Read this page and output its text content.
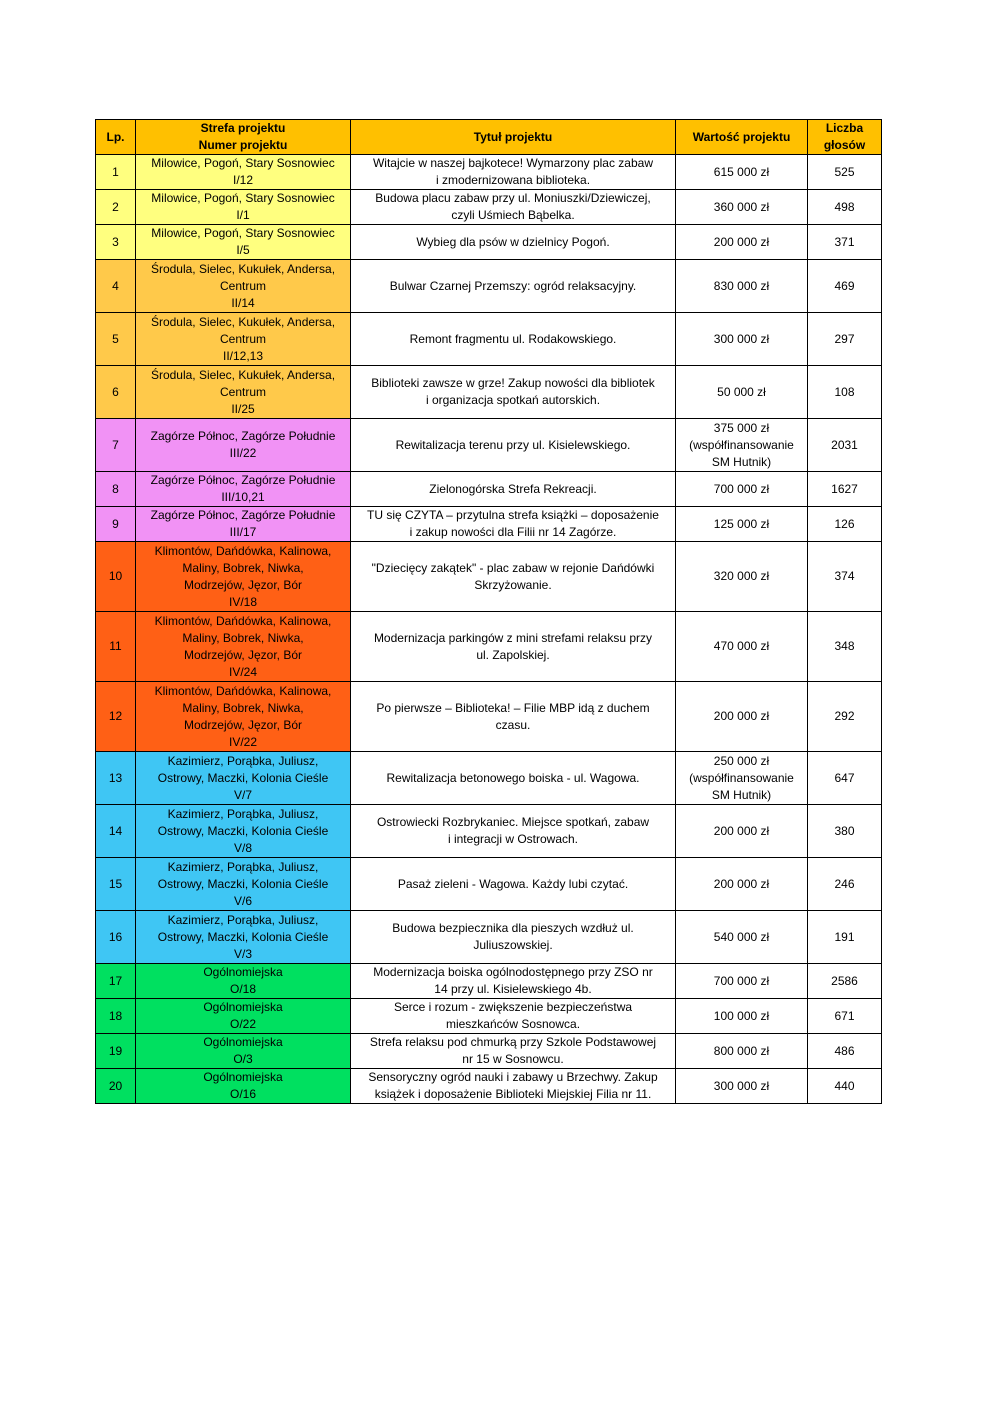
Lp.	Strefa projektu
Numer projektu	Tytuł projektu	Wartość projektu	Liczba
głosów

1	Milowice, Pogoń, Stary Sosnowiec
I/12	Witajcie w naszej bajkotece! Wymarzony plac zabaw
i zmodernizowana biblioteka.	615 000 zł	525
2	Milowice, Pogoń, Stary Sosnowiec
I/1	Budowa placu zabaw przy ul. Moniuszki/Dziewiczej,
czyli Uśmiech Bąbelka.	360 000 zł	498
3	Milowice, Pogoń, Stary Sosnowiec
I/5	Wybieg dla psów w dzielnicy Pogoń.	200 000 zł	371
4	Środula, Sielec, Kukułek, Andersa,
Centrum
II/14	Bulwar Czarnej Przemszy: ogród relaksacyjny.	830 000 zł	469
5	Środula, Sielec, Kukułek, Andersa,
Centrum
II/12,13	Remont fragmentu ul. Rodakowskiego.	300 000 zł	297
6	Środula, Sielec, Kukułek, Andersa,
Centrum
II/25	Biblioteki zawsze w grze! Zakup nowości dla bibliotek
i organizacja spotkań autorskich.	50 000 zł	108
7	Zagórze Północ, Zagórze Południe
III/22	Rewitalizacja terenu przy ul. Kisielewskiego.	375 000 zł
(współfinansowanie
SM Hutnik)	2031
8	Zagórze Północ, Zagórze Południe
III/10,21	Zielonogórska Strefa Rekreacji.	700 000 zł	1627
9	Zagórze Północ, Zagórze Południe
III/17	TU się CZYTA – przytulna strefa książki – doposażenie
i zakup nowości dla Filii nr 14 Zagórze.	125 000 zł	126
10	Klimontów, Dańdówka, Kalinowa,
Maliny, Bobrek, Niwka,
Modrzejów, Jęzor, Bór
IV/18	"Dziecięcy zakątek" - plac zabaw w rejonie Dańdówki
Skrzyżowanie.	320 000 zł	374
11	Klimontów, Dańdówka, Kalinowa,
Maliny, Bobrek, Niwka,
Modrzejów, Jęzor, Bór
IV/24	Modernizacja parkingów z mini strefami relaksu przy
ul. Zapolskiej.	470 000 zł	348
12	Klimontów, Dańdówka, Kalinowa,
Maliny, Bobrek, Niwka,
Modrzejów, Jęzor, Bór
IV/22	Po pierwsze – Biblioteka! – Filie MBP idą z duchem
czasu.	200 000 zł	292
13	Kazimierz, Porąbka, Juliusz,
Ostrowy, Maczki, Kolonia Cieśle
V/7	Rewitalizacja betonowego boiska - ul. Wagowa.	250 000 zł
(współfinansowanie
SM Hutnik)	647
14	Kazimierz, Porąbka, Juliusz,
Ostrowy, Maczki, Kolonia Cieśle
V/8	Ostrowiecki Rozbrykaniec. Miejsce spotkań, zabaw
i integracji w Ostrowach.	200 000 zł	380
15	Kazimierz, Porąbka, Juliusz,
Ostrowy, Maczki, Kolonia Cieśle
V/6	Pasaż zieleni - Wagowa. Każdy lubi czytać.	200 000 zł	246
16	Kazimierz, Porąbka, Juliusz,
Ostrowy, Maczki, Kolonia Cieśle
V/3	Budowa bezpiecznika dla pieszych wzdłuż ul.
Juliuszowskiej.	540 000 zł	191
17	Ogólnomiejska
O/18	Modernizacja boiska ogólnodostępnego przy ZSO nr
14 przy ul. Kisielewskiego 4b.	700 000 zł	2586
18	Ogólnomiejska
O/22	Serce i rozum - zwiększenie bezpieczeństwa
mieszkańców Sosnowca.	100 000 zł	671
19	Ogólnomiejska
O/3	Strefa relaksu pod chmurką przy Szkole Podstawowej
nr 15 w Sosnowcu.	800 000 zł	486
20	Ogólnomiejska
O/16	Sensoryczny ogród nauki i zabawy u Brzechwy. Zakup
książek i doposażenie Biblioteki Miejskiej Filia nr 11.	300 000 zł	440
